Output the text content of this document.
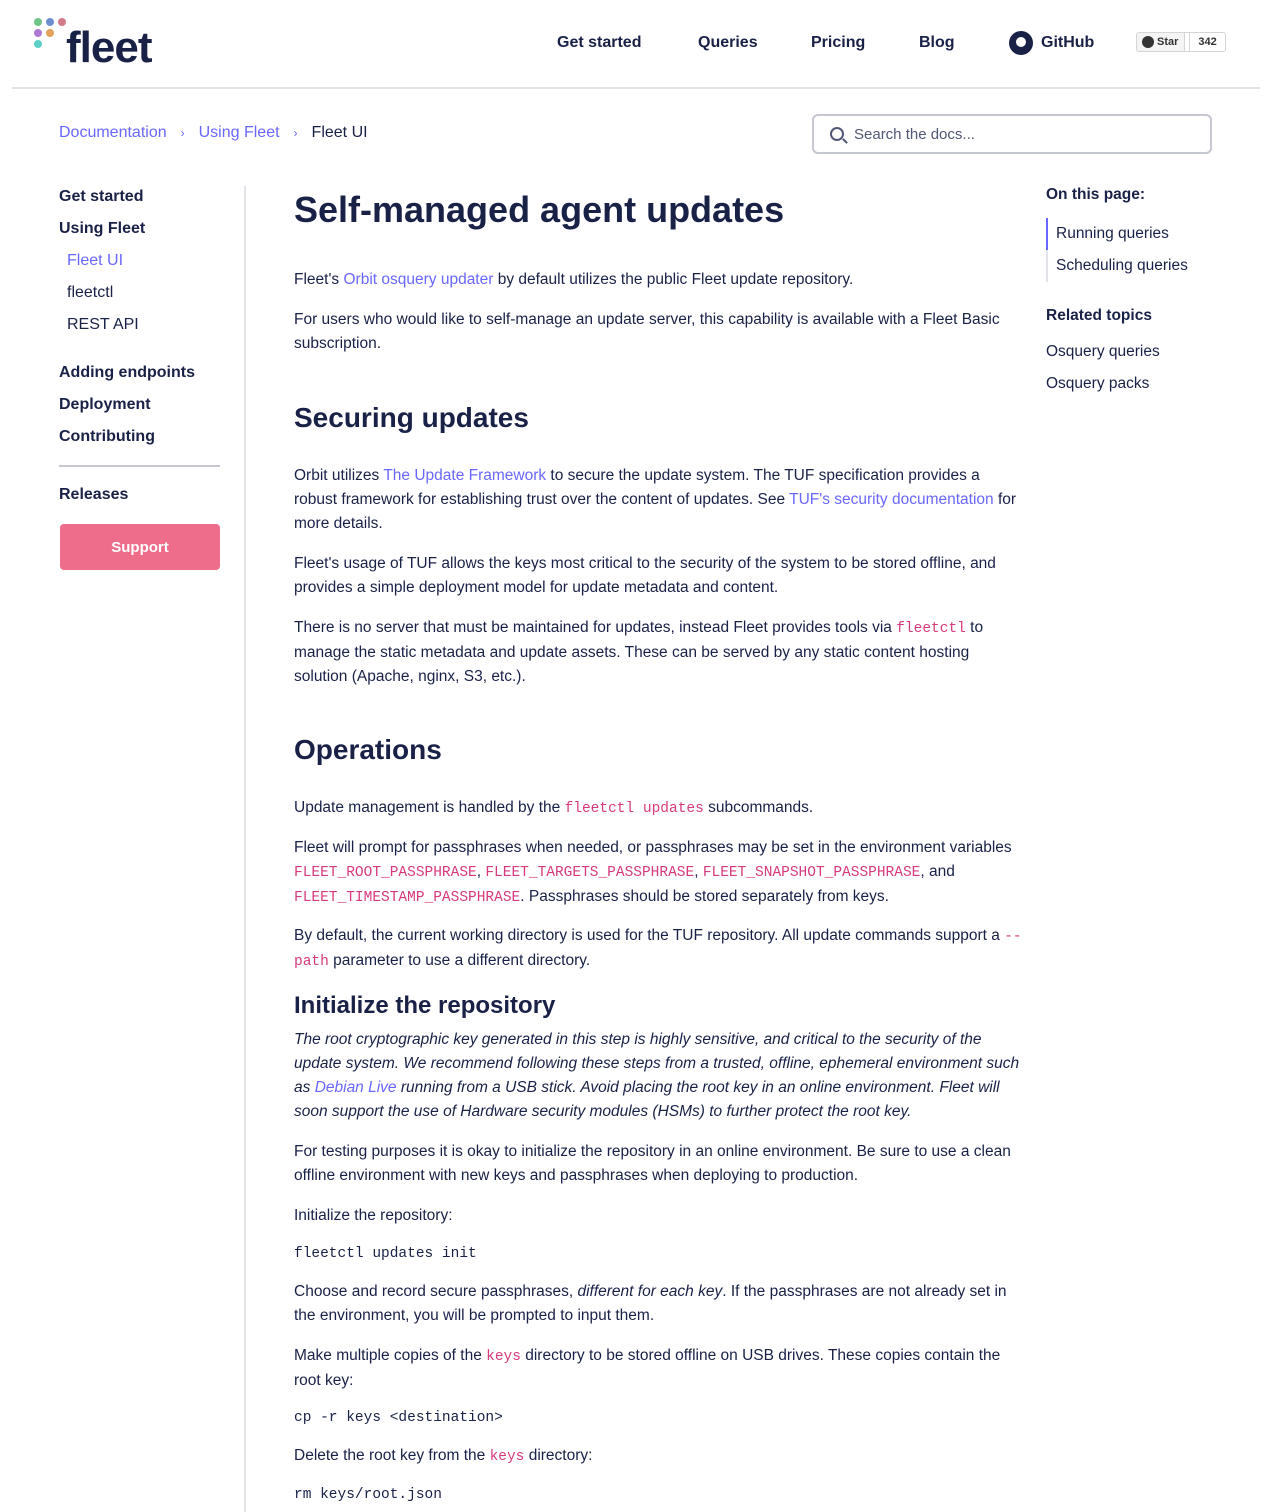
fleet	Get started	Queries	Pricing	Blog	GitHub	Star	342
Documentation › Using Fleet › Fleet UI
Search the docs...
Get started
Using Fleet
Fleet UI
fleetctl
REST API
Adding endpoints
Deployment
Contributing
Releases
Support
Self-managed agent updates

Fleet's Orbit osquery updater by default utilizes the public Fleet update repository.

For users who would like to self-manage an update server, this capability is available with a Fleet Basic subscription.

Securing updates

Orbit utilizes The Update Framework to secure the update system. The TUF specification provides a robust framework for establishing trust over the content of updates. See TUF's security documentation for more details.

Fleet's usage of TUF allows the keys most critical to the security of the system to be stored offline, and provides a simple deployment model for update metadata and content.

There is no server that must be maintained for updates, instead Fleet provides tools via fleetctl to manage the static metadata and update assets. These can be served by any static content hosting solution (Apache, nginx, S3, etc.).

Operations

Update management is handled by the fleetctl updates subcommands.

Fleet will prompt for passphrases when needed, or passphrases may be set in the environment variables FLEET_ROOT_PASSPHRASE, FLEET_TARGETS_PASSPHRASE, FLEET_SNAPSHOT_PASSPHRASE, and FLEET_TIMESTAMP_PASSPHRASE. Passphrases should be stored separately from keys.

By default, the current working directory is used for the TUF repository. All update commands support a --path parameter to use a different directory.

Initialize the repository

The root cryptographic key generated in this step is highly sensitive, and critical to the security of the update system. We recommend following these steps from a trusted, offline, ephemeral environment such as Debian Live running from a USB stick. Avoid placing the root key in an online environment. Fleet will soon support the use of Hardware security modules (HSMs) to further protect the root key.

For testing purposes it is okay to initialize the repository in an online environment. Be sure to use a clean offline environment with new keys and passphrases when deploying to production.

Initialize the repository:

fleetctl updates init

Choose and record secure passphrases, different for each key. If the passphrases are not already set in the environment, you will be prompted to input them.

Make multiple copies of the keys directory to be stored offline on USB drives. These copies contain the root key:

cp -r keys <destination>

Delete the root key from the keys directory:

rm keys/root.json
On this page:
Running queries
Scheduling queries
Related topics
Osquery queries
Osquery packs
